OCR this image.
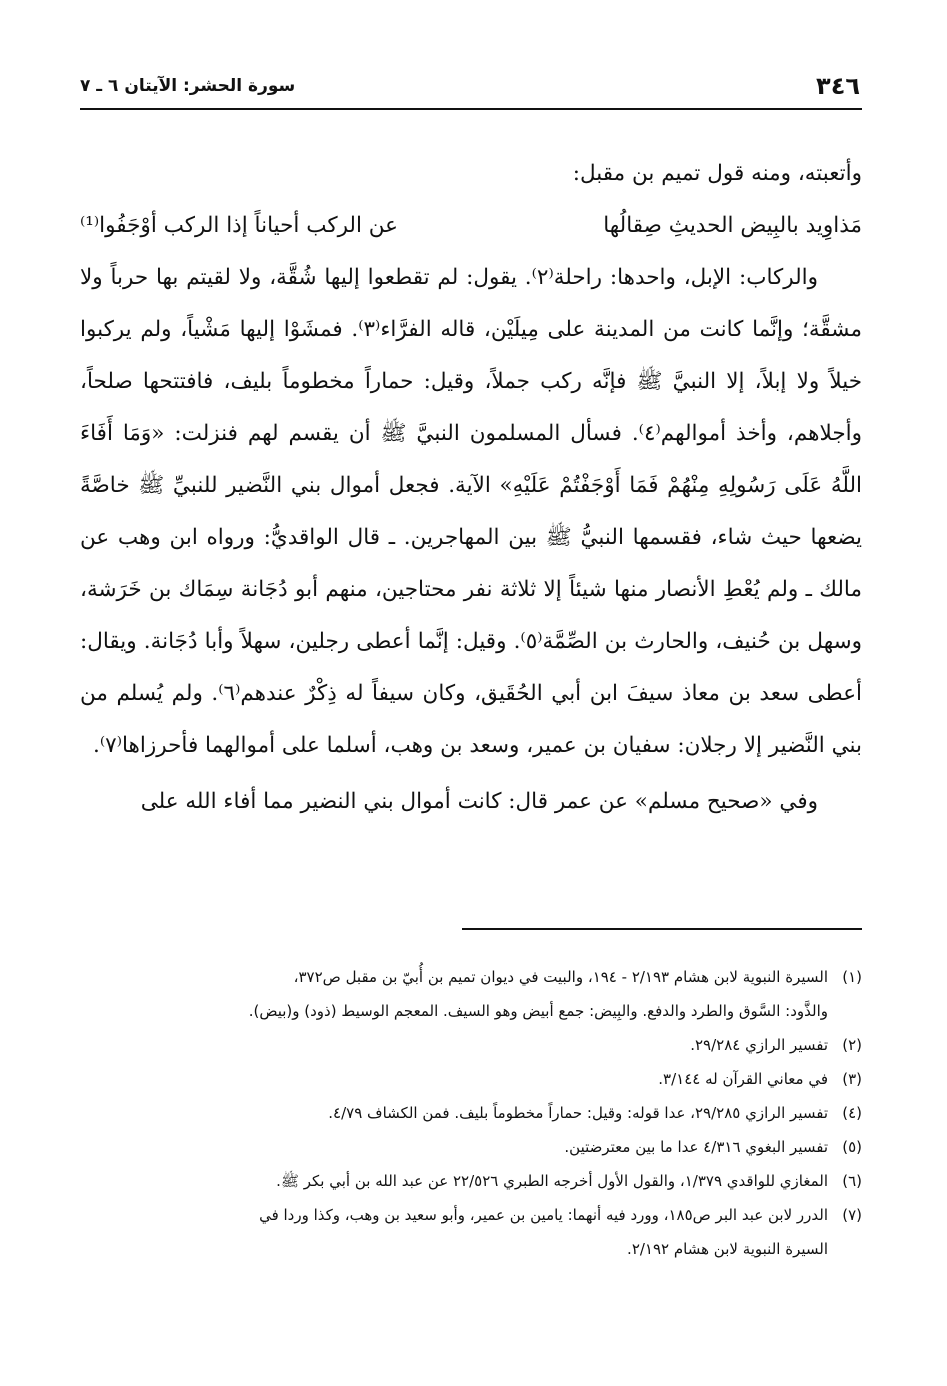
٣٤٦
سورة الحشر: الآيتان ٦ ـ ٧

وأتعبته، ومنه قول تميم بن مقبل:

مَذاوِيد بالبِيض الحديثِ صِقالُها
عن الركب أحياناً إذا الركب أوْجَفُوا⁽¹⁾

والركاب: الإبل، واحدها: راحلة⁽٢⁾. يقول: لم تقطعوا إليها شُقَّة، ولا لقيتم بها حرباً ولا مشقَّة؛ وإنَّما كانت من المدينة على مِيلَيْن، قاله الفرَّاء⁽٣⁾. فمشَوْا إليها مَشْياً، ولم يركبوا خيلاً ولا إبلاً، إلا النبيَّ ﷺ فإنَّه ركب جملاً، وقيل: حماراً مخطوماً بليف، فافتتحها صلحاً، وأجلاهم، وأخذ أموالهم⁽٤⁾. فسأل المسلمون النبيَّ ﷺ أن يقسم لهم فنزلت: «وَمَا أَفَاءَ اللَّهُ عَلَى رَسُولِهِ مِنْهُمْ فَمَا أَوْجَفْتُمْ عَلَيْهِ» الآية. فجعل أموال بني النَّضير للنبيِّ ﷺ خاصَّةً يضعها حيث شاء، فقسمها النبيُّ ﷺ بين المهاجرين. ـ قال الواقديُّ: ورواه ابن وهب عن مالك ـ ولم يُعْطِ الأنصار منها شيئاً إلا ثلاثة نفر محتاجين، منهم أبو دُجَانة سِمَاك بن خَرَشة، وسهل بن حُنيف، والحارث بن الصِّمَّة⁽٥⁾. وقيل: إنَّما أعطى رجلين، سهلاً وأبا دُجَانة. ويقال: أعطى سعد بن معاذ سيفَ ابن أبي الحُقَيق، وكان سيفاً له ذِكْرٌ عندهم⁽٦⁾. ولم يُسلم من بني النَّضير إلا رجلان: سفيان بن عمير، وسعد بن وهب، أسلما على أموالهما فأحرزاها⁽٧⁾.

وفي «صحيح مسلم» عن عمر قال: كانت أموال بني النضير مما أفاء الله على

(١)السيرة النبوية لابن هشام ٢/١٩٣ - ١٩٤، والبيت في ديوان تميم بن أُبيّ بن مقبل ص٣٧٢،

والذَّود: السَّوق والطرد والدفع. والبِيض: جمع أبيض وهو السيف. المعجم الوسيط (ذود) و(بيض).

(٢)تفسير الرازي ٢٩/٢٨٤.

(٣)في معاني القرآن له ٣/١٤٤.

(٤)تفسير الرازي ٢٩/٢٨٥، عدا قوله: وقيل: حماراً مخطوماً بليف. فمن الكشاف ٤/٧٩.

(٥)تفسير البغوي ٤/٣١٦ عدا ما بين معترضتين.

(٦)المغازي للواقدي ١/٣٧٩، والقول الأول أخرجه الطبري ٢٢/٥٢٦ عن عبد الله بن أبي بكر ﷺ.

(٧)الدرر لابن عبد البر ص١٨٥، وورد فيه أنهما: يامين بن عمير، وأبو سعيد بن وهب، وكذا وردا في

السيرة النبوية لابن هشام ٢/١٩٢.
